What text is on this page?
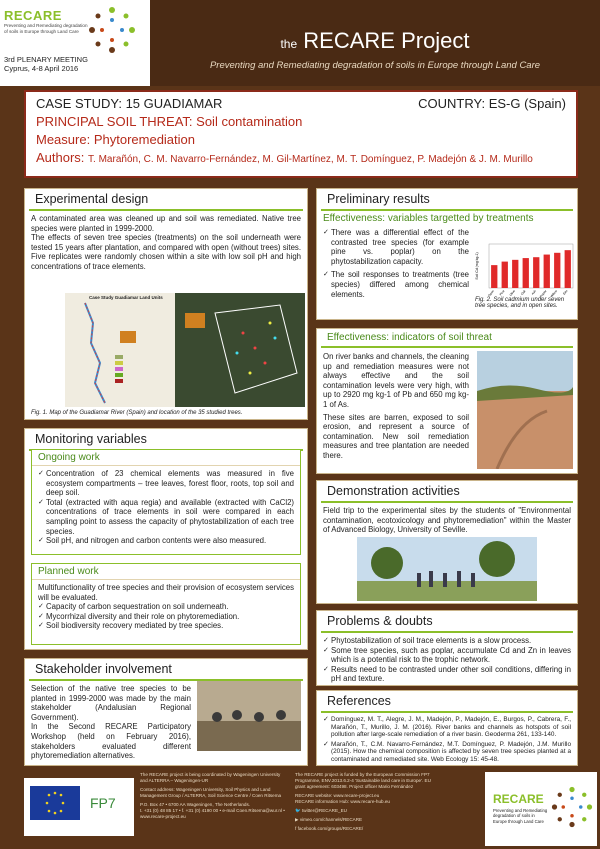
RECARE
Preventing and Remediating degradation of soils in Europe through Land Care
3rd PLENARY MEETING
Cyprus, 4-8 April 2016
the RECARE Project
Preventing and Remediating degradation of soils in Europe through Land Care
CASE STUDY: 15 GUADIAMAR	COUNTRY: ES-G (Spain)
PRINCIPAL SOIL THREAT: Soil contamination
Measure: Phytoremediation
Authors: T. Marañón, C. M. Navarro-Fernández, M. Gil-Martínez, M. T. Domínguez, P. Madejón & J. M. Murillo
Experimental design

A contaminated area was cleaned up and soil was remediated. Native tree species were planted in 1999-2000.

The effects of seven tree species (treatments) on the soil underneath were tested 15 years after plantation, and compared with open (without trees) sites. Five replicates were randomly chosen within a site with low soil pH and high concentrations of trace elements.

Case Study Guadiamar Land Units
Fig. 1. Map of the Guadiamar River (Spain) and location of the 35 studied trees.
Monitoring variables
Ongoing work
✓ Concentration of 23 chemical elements was measured in five ecosystem compartments – tree leaves, forest floor, roots, top soil and deep soil.
✓ Total (extracted with aqua regia) and available (extracted with CaCl2) concentrations of trace elements in soil were compared in each sampling point to assess the capacity of phytostabilization of each tree species.
✓ Soil pH, and nitrogen and carbon contents were also measured.
Planned work

Multifunctionality of tree species and their provision of ecosystem services will be evaluated.

✓ Capacity of carbon sequestration on soil underneath.
✓ Mycorrhizal diversity and their role on phytoremediation.
✓ Soil biodiversity recovery mediated by tree species.
Stakeholder involvement

Selection of the native tree species to be planted in 1999-2000 was made by the main stakeholder (Andalusian Regional Government).

In the Second RECARE Participatory Workshop (held on February 2016), stakeholders evaluated different phytoremediation alternatives.

Preliminary results
Effectiveness: variables targetted by treatments
✓ There was a differential effect of the contrasted tree species (for example pine vs. poplar) on the phytostabilization capacity.
✓ The soil responses to treatments (tree species) differed among chemical elements.
Fig. 2. Soil cadmium under seven tree species, and in open sites.
Soil Cd (mg kg-1)
Open Pine Olive Oak Ash Poplar Willow Elm
Effectiveness: indicators of soil threat

On river banks and channels, the cleaning up and remediation measures were not always effective and the soil contamination levels were very high, with up to 2920 mg kg-1 of Pb and 650 mg kg-1 of As.

These sites are barren, exposed to soil erosion, and represent a source of contamination. New soil remediation measures and tree plantation are needed there.

Demonstration activities

Field trip to the experimental sites by the students of "Environmental contamination, ecotoxicology and phytoremediation" within the Master of Advanced Biology, University of Seville.

Problems & doubts
✓ Phytostabilization of soil trace elements is a slow process.
✓ Some tree species, such as poplar, accumulate Cd and Zn in leaves which is a potential risk to the trophic network.
✓ Results need to be contrasted under other soil conditions, differing in pH and texture.
References
✓ Domínguez, M. T., Alegre, J. M., Madejón, P., Madejón, E., Burgos, P., Cabrera, F., Marañón, T., Murillo, J. M. (2016). River banks and channels as hotspots of soil pollution after large-scale remediation of a river basin. Geoderma 261, 133-140.
✓ Marañón, T., C.M. Navarro-Fernández, M.T. Domínguez, P. Madejón, J.M. Murillo (2015). How the chemical composition is affected by seven tree species planted at a contaminated and remediated site. Web Ecology 15: 45-48.
FP7
The RECARE project is being coordinated by Wageningen University and ALTERRA – Wageningen-UR
Contact address: Wageningen University, Soil Physics and Land Management Group / ALTERRA, Soil Science Centre / Coen Ritsema
P.O. Box 47 • 6700 AA Wageningen, The Netherlands.
t. +31 (0) 48 85 17 • f. +31 (0) 4190 00 • e-mail Coen.Ritsema@wur.nl • www.recare-project.eu
The RECARE project is funded by the European Commission FP7 Programme, ENV.2013.6.2-4 'Sustainable land care in Europe'. EU grant agreement: 603498. Project officer Mario Fernández
RECARE website: www.recare-project.eu
RECARE information Hub: www.recare-hub.eu
🐦 twitter@RECARE_EU
▶ vimeo.com/channels/RECARE
f facebook.com/groups/RECARE/
RECARE
Preventing and Remediating degradation of soils in Europe through Land Care
